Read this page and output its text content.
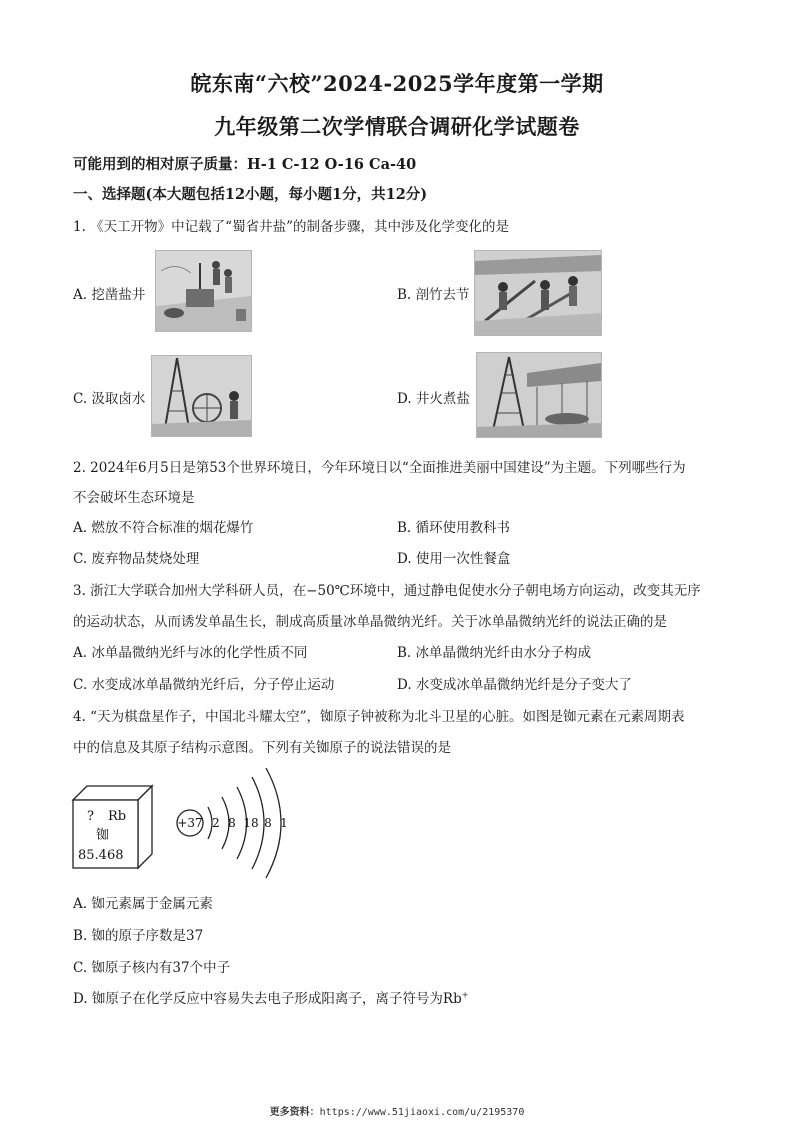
皖东南“六校”2024-2025学年度第一学期
九年级第二次学情联合调研化学试题卷
可能用到的相对原子质量：H-1 C-12 O-16 Ca-40
一、选择题(本大题包括12小题，每小题1分，共12分)
1. 《天工开物》中记载了“蜀省井盐”的制备步骤，其中涉及化学变化的是
A. 挖凿盐井	B. 剖竹去节
C. 汲取卤水	D. 井火煮盐
2. 2024年6月5日是第53个世界环境日，今年环境日以“全面推进美丽中国建设”为主题。下列哪些行为
不会破坏生态环境是
A. 燃放不符合标准的烟花爆竹	B. 循环使用教科书
C. 废弃物品焚烧处理	D. 使用一次性餐盒
3. 浙江大学联合加州大学科研人员，在−50℃环境中，通过静电促使水分子朝电场方向运动，改变其无序
的运动状态，从而诱发单晶生长，制成高质量冰单晶微纳光纤。关于冰单晶微纳光纤的说法正确的是
A. 冰单晶微纳光纤与冰的化学性质不同	B. 冰单晶微纳光纤由水分子构成
C. 水变成冰单晶微纳光纤后，分子停止运动	D. 水变成冰单晶微纳光纤是分子变大了
4. “天为棋盘星作子，中国北斗耀太空”，铷原子钟被称为北斗卫星的心脏。如图是铷元素在元素周期表
中的信息及其原子结构示意图。下列有关铷原子的说法错误的是
? Rb
铷
85.468
+37 2 8 18 8 1
A. 铷元素属于金属元素
B. 铷的原子序数是37
C. 铷原子核内有37个中子
D. 铷原子在化学反应中容易失去电子形成阳离子，离子符号为Rb+
更多资料：https://www.51jiaoxi.com/u/2195370
